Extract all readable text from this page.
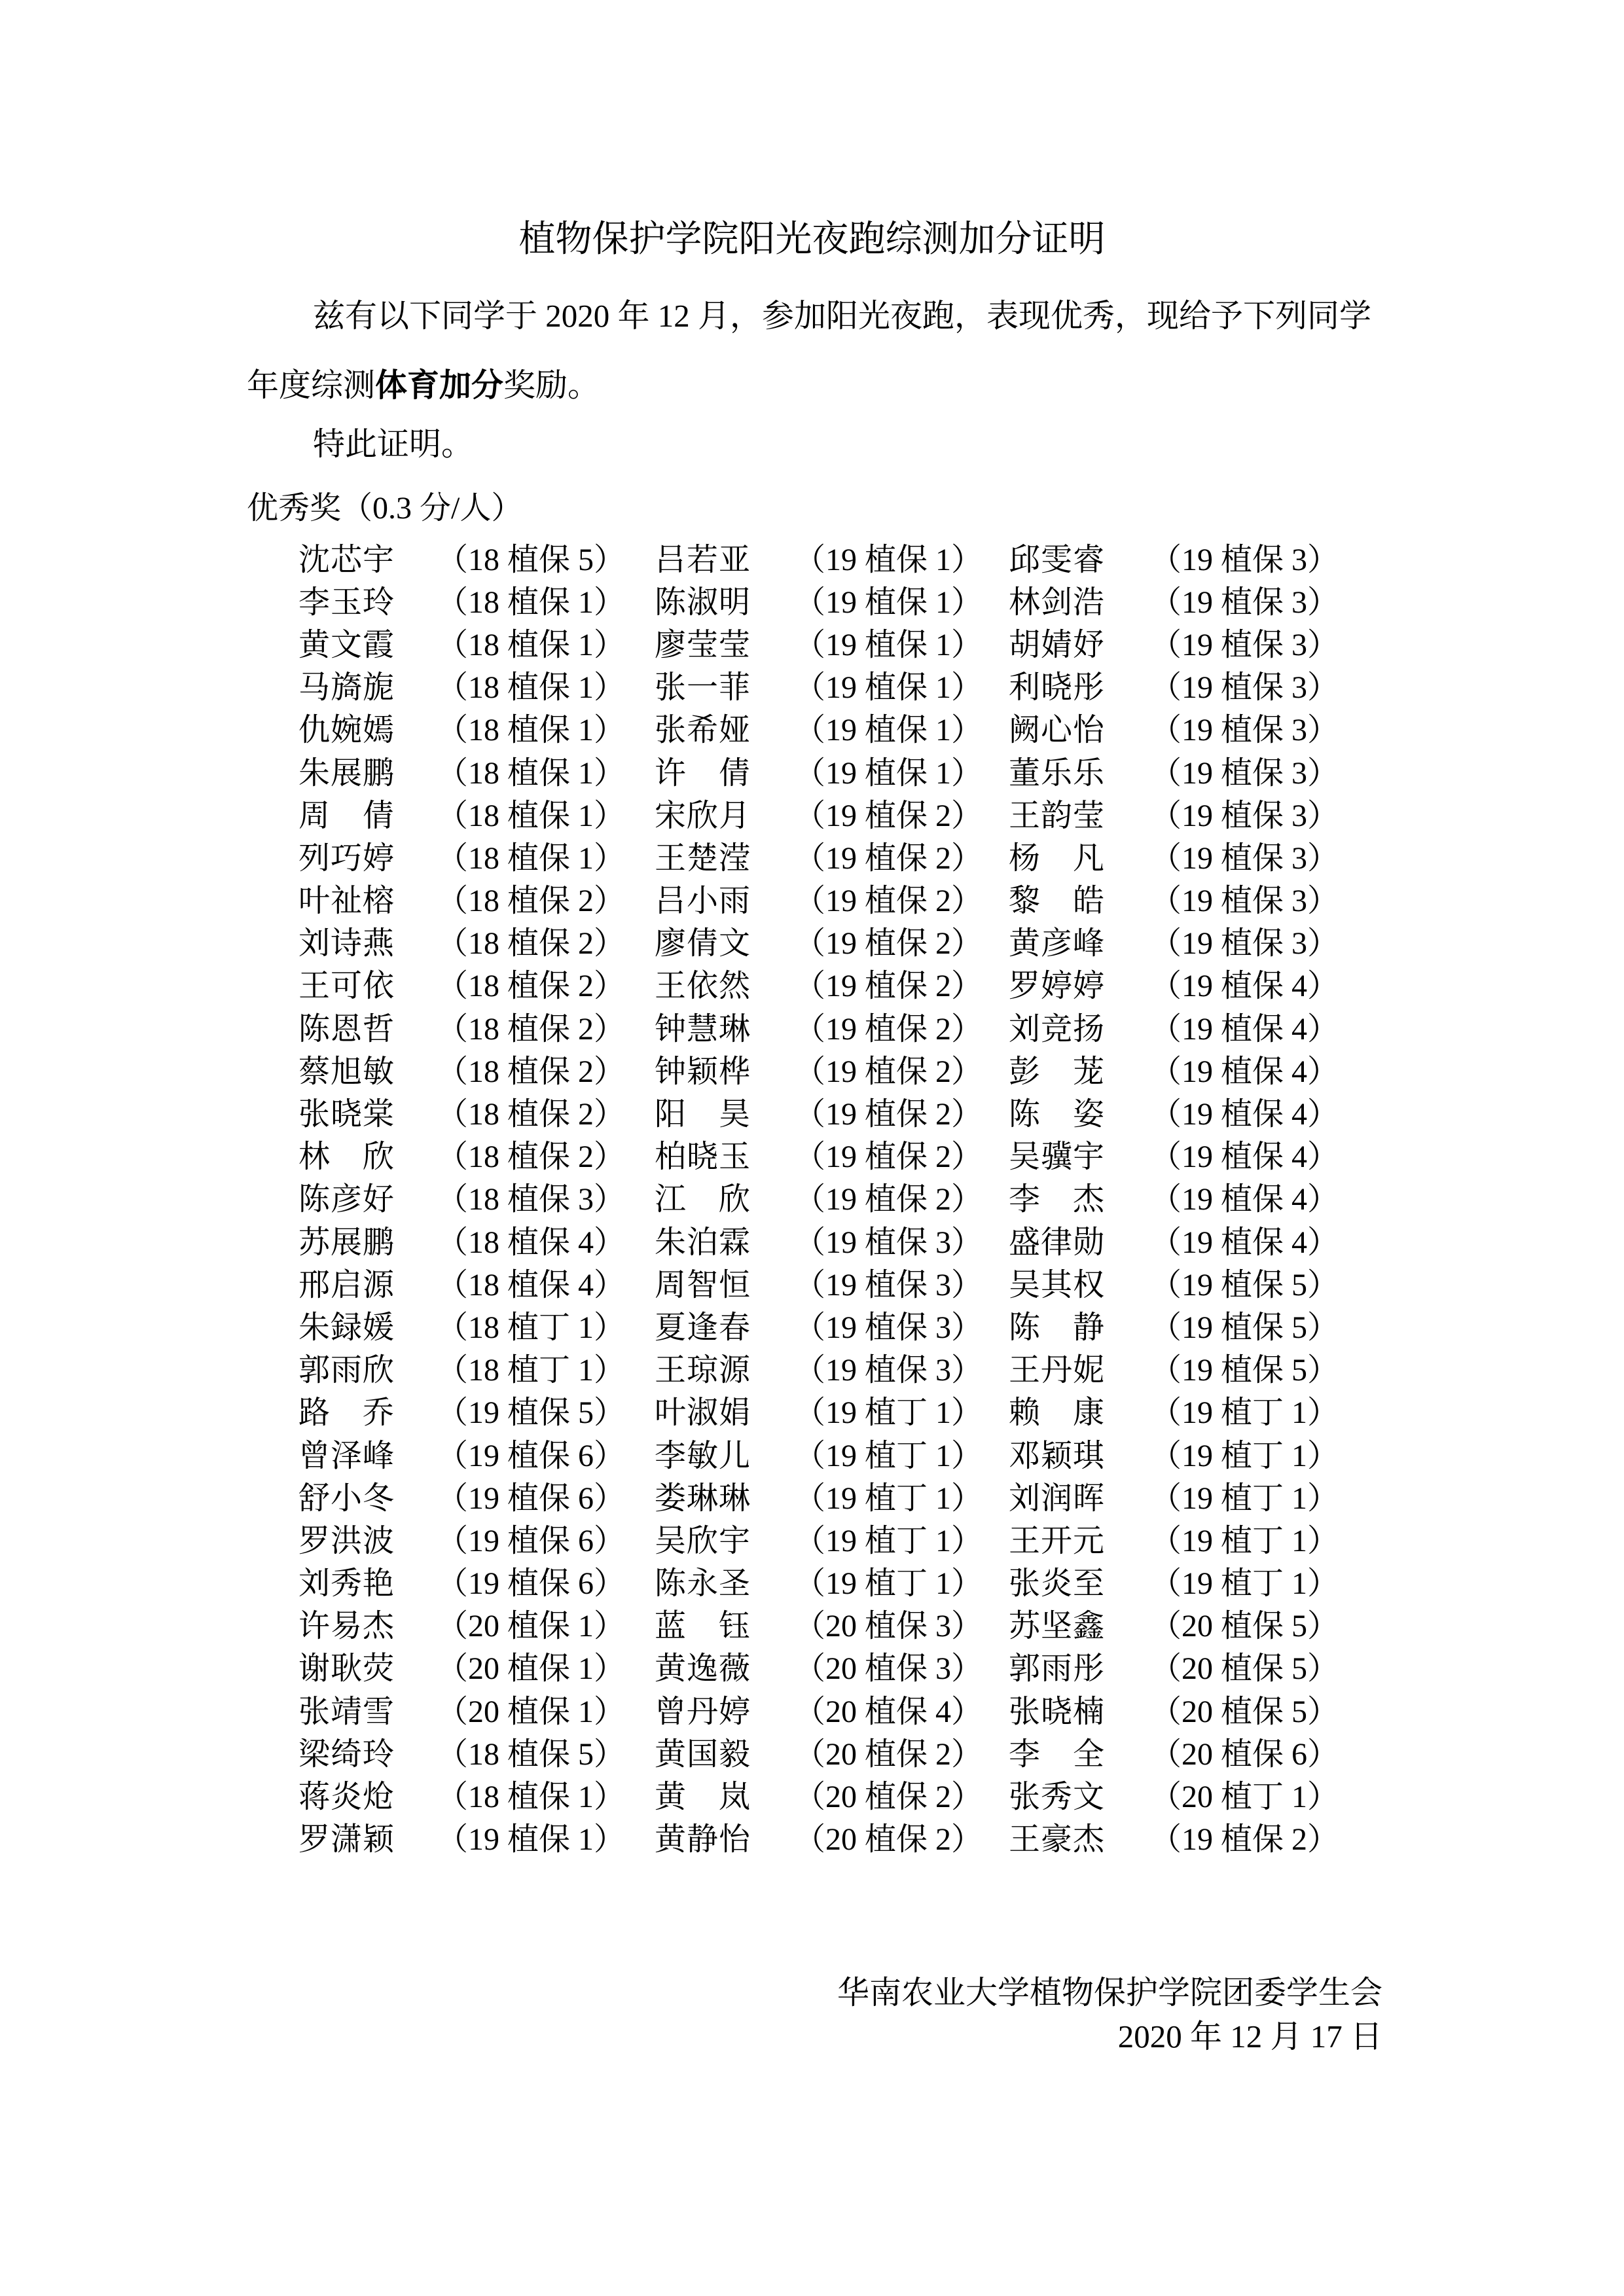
植物保护学院阳光夜跑综测加分证明

兹有以下同学于 2020 年 12 月，参加阳光夜跑，表现优秀，现给予下列同学

年度综测体育加分奖励。

特此证明。

优秀奖（0.3 分/人）

沈芯宇 （18 植保 5） 吕若亚 （19 植保 1） 邱雯睿 （19 植保 3）
李玉玲 （18 植保 1） 陈淑明 （19 植保 1） 林剑浩 （19 植保 3）
黄文霞 （18 植保 1） 廖莹莹 （19 植保 1） 胡婧妤 （19 植保 3）
马旖旎 （18 植保 1） 张一菲 （19 植保 1） 利晓彤 （19 植保 3）
仇婉嫣 （18 植保 1） 张希娅 （19 植保 1） 阙心怡 （19 植保 3）
朱展鹏 （18 植保 1） 许 倩 （19 植保 1） 董乐乐 （19 植保 3）
周 倩 （18 植保 1） 宋欣月 （19 植保 2） 王韵莹 （19 植保 3）
列巧婷 （18 植保 1） 王楚滢 （19 植保 2） 杨 凡 （19 植保 3）
叶祉榕 （18 植保 2） 吕小雨 （19 植保 2） 黎 皓 （19 植保 3）
刘诗燕 （18 植保 2） 廖倩文 （19 植保 2） 黄彦峰 （19 植保 3）
王可依 （18 植保 2） 王依然 （19 植保 2） 罗婷婷 （19 植保 4）
陈恩哲 （18 植保 2） 钟慧琳 （19 植保 2） 刘竞扬 （19 植保 4）
蔡旭敏 （18 植保 2） 钟颖桦 （19 植保 2） 彭 茏 （19 植保 4）
张晓棠 （18 植保 2） 阳 昊 （19 植保 2） 陈 姿 （19 植保 4）
林 欣 （18 植保 2） 柏晓玉 （19 植保 2） 吴骥宇 （19 植保 4）
陈彦好 （18 植保 3） 江 欣 （19 植保 2） 李 杰 （19 植保 4）
苏展鹏 （18 植保 4） 朱泊霖 （19 植保 3） 盛律勋 （19 植保 4）
邢启源 （18 植保 4） 周智恒 （19 植保 3） 吴其权 （19 植保 5）
朱録媛 （18 植丁 1） 夏逢春 （19 植保 3） 陈 静 （19 植保 5）
郭雨欣 （18 植丁 1） 王琼源 （19 植保 3） 王丹妮 （19 植保 5）
路 乔 （19 植保 5） 叶淑娟 （19 植丁 1） 赖 康 （19 植丁 1）
曾泽峰 （19 植保 6） 李敏儿 （19 植丁 1） 邓颖琪 （19 植丁 1）
舒小冬 （19 植保 6） 娄琳琳 （19 植丁 1） 刘润晖 （19 植丁 1）
罗洪波 （19 植保 6） 吴欣宇 （19 植丁 1） 王开元 （19 植丁 1）
刘秀艳 （19 植保 6） 陈永圣 （19 植丁 1） 张炎至 （19 植丁 1）
许易杰 （20 植保 1） 蓝 钰 （20 植保 3） 苏坚鑫 （20 植保 5）
谢耿荧 （20 植保 1） 黄逸薇 （20 植保 3） 郭雨彤 （20 植保 5）
张靖雪 （20 植保 1） 曾丹婷 （20 植保 4） 张晓楠 （20 植保 5）
梁绮玲 （18 植保 5） 黄国毅 （20 植保 2） 李 全 （20 植保 6）
蒋炎炝 （18 植保 1） 黄 岚 （20 植保 2） 张秀文 （20 植丁 1）
罗潇颖 （19 植保 1） 黄静怡 （20 植保 2） 王豪杰 （19 植保 2）

华南农业大学植物保护学院团委学生会

2020 年 12 月 17 日
